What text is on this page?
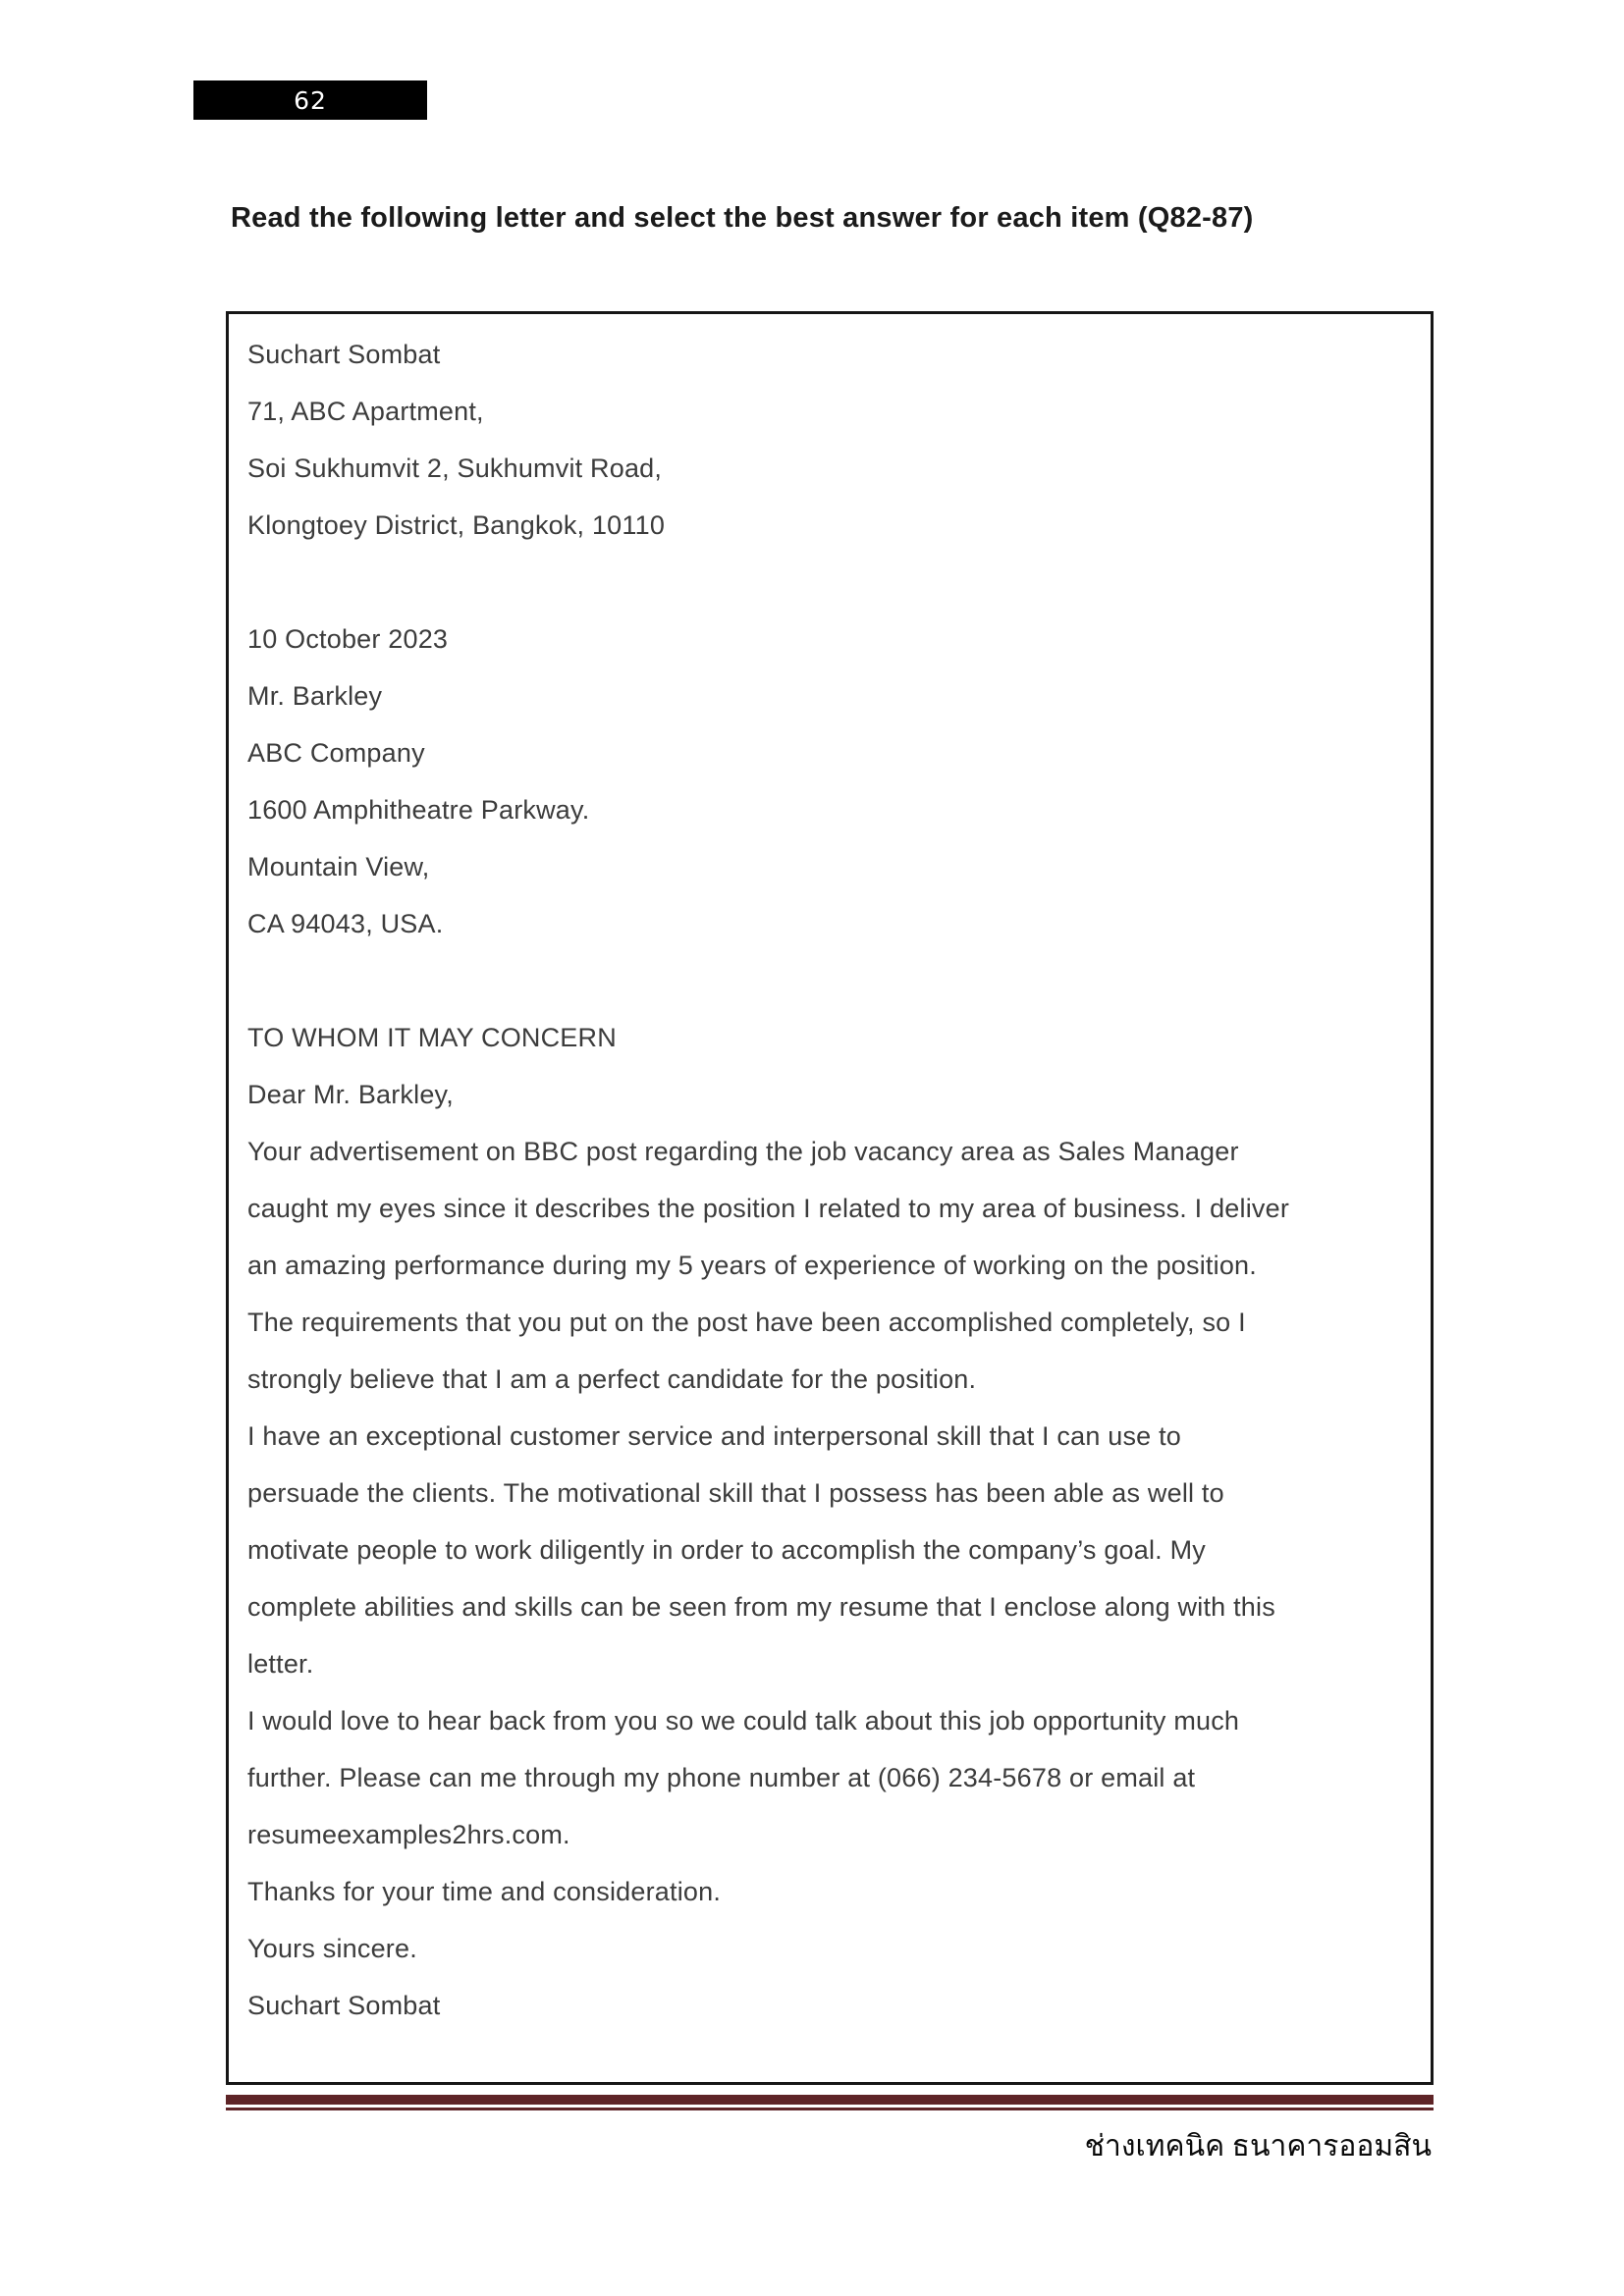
62
Read the following letter and select the best answer for each item (Q82-87)
Suchart Sombat
71, ABC Apartment,
Soi Sukhumvit 2, Sukhumvit Road,
Klongtoey District, Bangkok, 10110
10 October 2023
Mr. Barkley
ABC Company
1600 Amphitheatre Parkway.
Mountain View,
CA 94043, USA.
TO WHOM IT MAY CONCERN
Dear Mr. Barkley,
Your advertisement on BBC post regarding the job vacancy area as Sales Manager
caught my eyes since it describes the position I related to my area of business. I deliver
an amazing performance during my 5 years of experience of working on the position.
The requirements that you put on the post have been accomplished completely, so I
strongly believe that I am a perfect candidate for the position.
I have an exceptional customer service and interpersonal skill that I can use to
persuade the clients. The motivational skill that I possess has been able as well to
motivate people to work diligently in order to accomplish the company’s goal. My
complete abilities and skills can be seen from my resume that I enclose along with this
letter.
I would love to hear back from you so we could talk about this job opportunity much
further. Please can me through my phone number at (066) 234-5678 or email at
resumeexamples2hrs.com.
Thanks for your time and consideration.
Yours sincere.
Suchart Sombat
ช่างเทคนิค ธนาคารออมสิน
